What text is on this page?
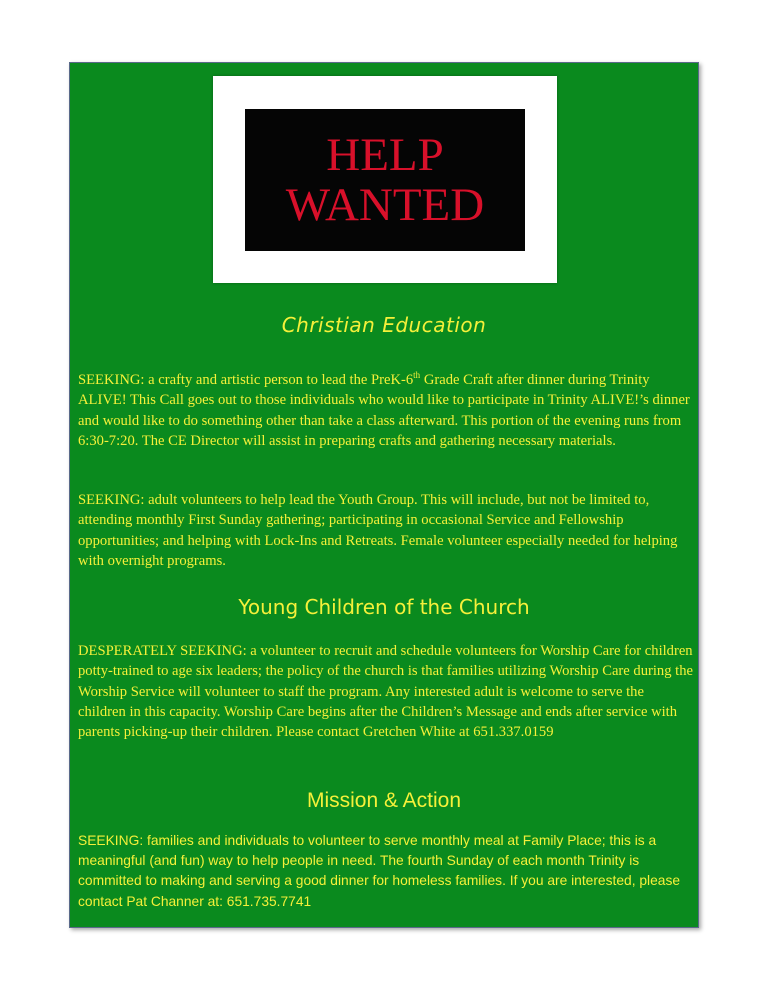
HELP
WANTED
Christian Education
SEEKING: a crafty and artistic person to lead the PreK-6th Grade Craft after dinner during Trinity ALIVE! This Call goes out to those individuals who would like to participate in Trinity ALIVE!’s dinner and would like to do something other than take a class afterward. This portion of the evening runs from 6:30-7:20. The CE Director will assist in preparing crafts and gathering necessary materials.
SEEKING: adult volunteers to help lead the Youth Group. This will include, but not be limited to, attending monthly First Sunday gathering; participating in occasional Service and Fellowship opportunities; and helping with Lock-Ins and Retreats. Female volunteer especially needed for helping with overnight programs.
Young Children of the Church
DESPERATELY SEEKING: a volunteer to recruit and schedule volunteers for Worship Care for children potty-trained to age six leaders; the policy of the church is that families utilizing Worship Care during the Worship Service will volunteer to staff the program. Any interested adult is welcome to serve the children in this capacity. Worship Care begins after the Children’s Message and ends after service with parents picking-up their children. Please contact Gretchen White at 651.337.0159
Mission & Action
SEEKING: families and individuals to volunteer to serve monthly meal at Family Place; this is a meaningful (and fun) way to help people in need. The fourth Sunday of each month Trinity is committed to making and serving a good dinner for homeless families. If you are interested, please contact Pat Channer at: 651.735.7741
